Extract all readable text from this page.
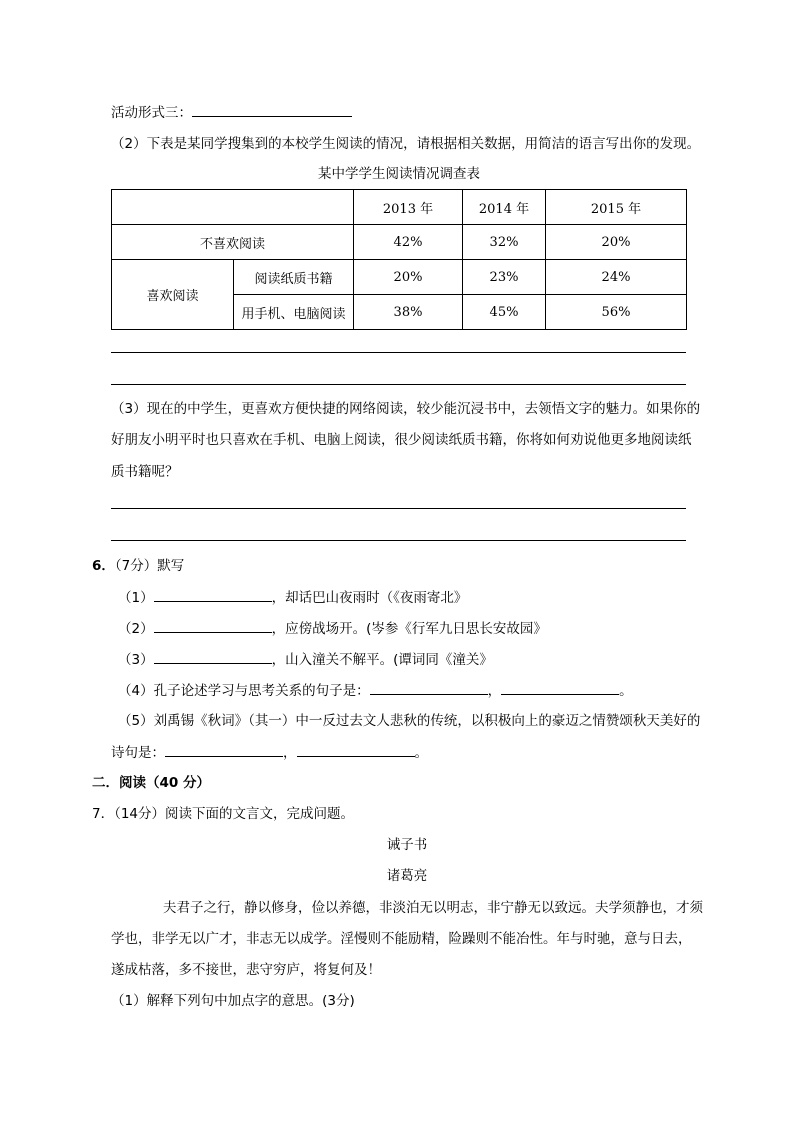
活动形式三：
（2）下表是某同学搜集到的本校学生阅读的情况，请根据相关数据，用简洁的语言写出你的发现。
某中学学生阅读情况调查表
		2013 年	2014 年	2015 年
不喜欢阅读		42%	32%	20%
喜欢阅读	阅读纸质书籍	20%	23%	24%
	用手机、电脑阅读	38%	45%	56%
（3）现在的中学生，更喜欢方便快捷的网络阅读，较少能沉浸书中，去领悟文字的魅力。如果你的
好朋友小明平时也只喜欢在手机、电脑上阅读，很少阅读纸质书籍，你将如何劝说他更多地阅读纸
质书籍呢？
6．（7分）默写
（1）	，却话巴山夜雨时（《夜雨寄北》
（2）	，应傍战场开。(岑参《行军九日思长安故园》
（3）	，山入潼关不解平。(谭词同《潼关》
（4）孔子论述学习与思考关系的句子是：	，	。
（5）刘禹锡《秋词》（其一）中一反过去文人悲秋的传统，以积极向上的豪迈之情赞颂秋天美好的
诗句是：	，	。
二．阅读（40 分）
7．（14分）阅读下面的文言文，完成问题。
诫子书
诸葛亮
夫君子之行，静以修身，俭以养德，非淡泊无以明志，非宁静无以致远。夫学须静也，才须
学也，非学无以广才，非志无以成学。淫慢则不能励精，险躁则不能冶性。年与时驰，意与日去，
遂成枯落，多不接世，悲守穷庐，将复何及！
（1）解释下列句中加点字的意思。(3分)
